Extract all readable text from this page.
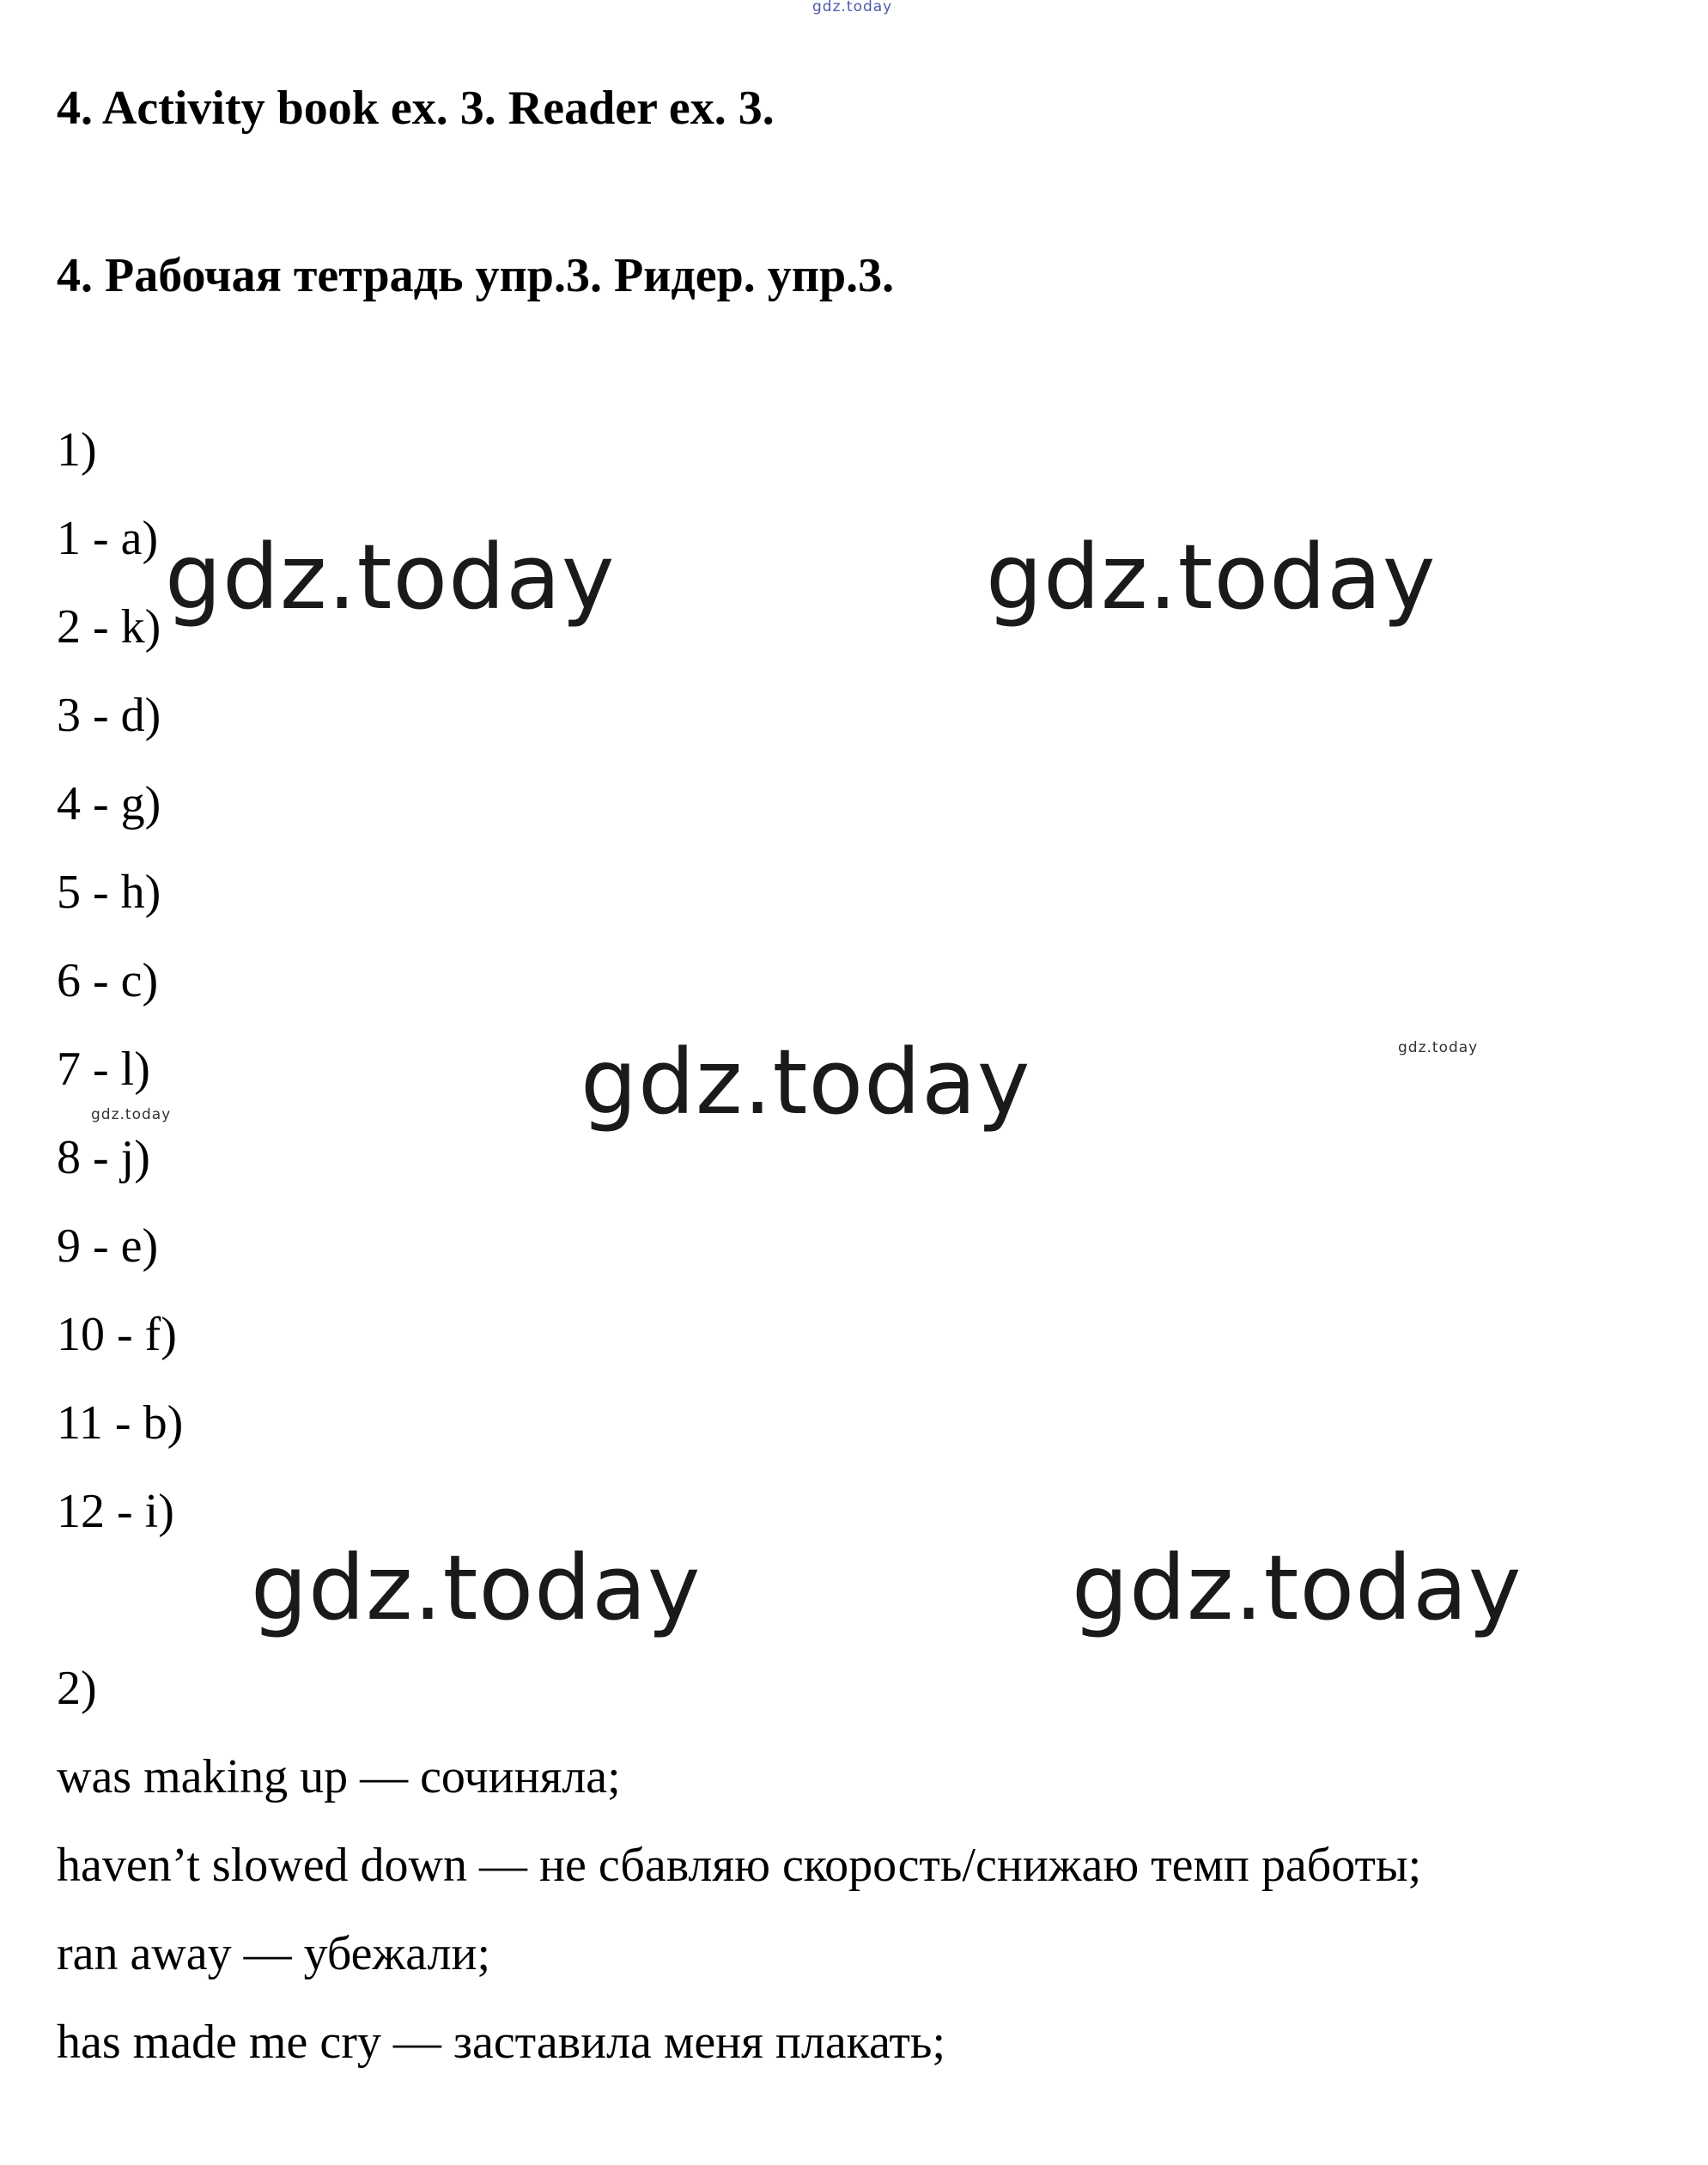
gdz.today
4. Activity book ex. 3. Reader ex. 3.
4. Рабочая тетрадь упр.3. Ридер. упр.3.
1)
1 - a)
2 - k)
3 - d)
4 - g)
5 - h)
6 - c)
7 - l)
8 - j)
9 - e)
10 - f)
11 - b)
12 - i)
2)
was making up — сочиняла;
haven’t slowed down — не сбавляю скорость/снижаю темп работы;
ran away — убежали;
has made me cry — заставила меня плакать;
gdz.today	gdz.today
gdz.today
gdz.today	gdz.today
gdz.today
gdz.today
